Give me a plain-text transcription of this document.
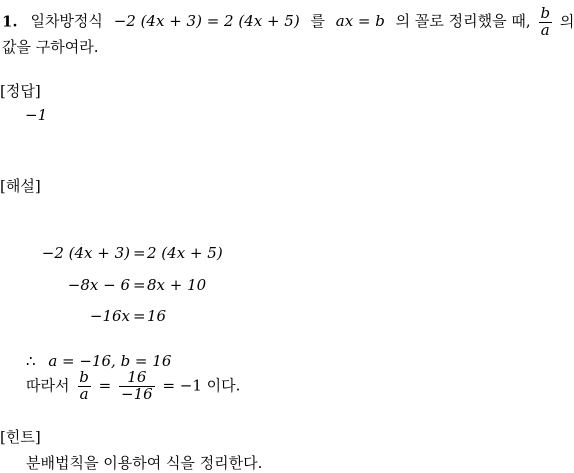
1. 일차방정식 −2 (4x + 3) = 2 (4x + 5) 를 ax = b 의 꼴로 정리했을 때, $\frac{b}{a}$ 의
값을 구하여라.
[정답]
−1
[해설]
−2 (4x + 3) = 2 (4x + 5)
−8x − 6 = 8x + 10
−16x = 16
∴ a = −16, b = 16
따라서 $\frac{b}{a} = \frac{16}{-16} = -1$ 이다.
[힌트]
분배법칙을 이용하여 식을 정리한다.
